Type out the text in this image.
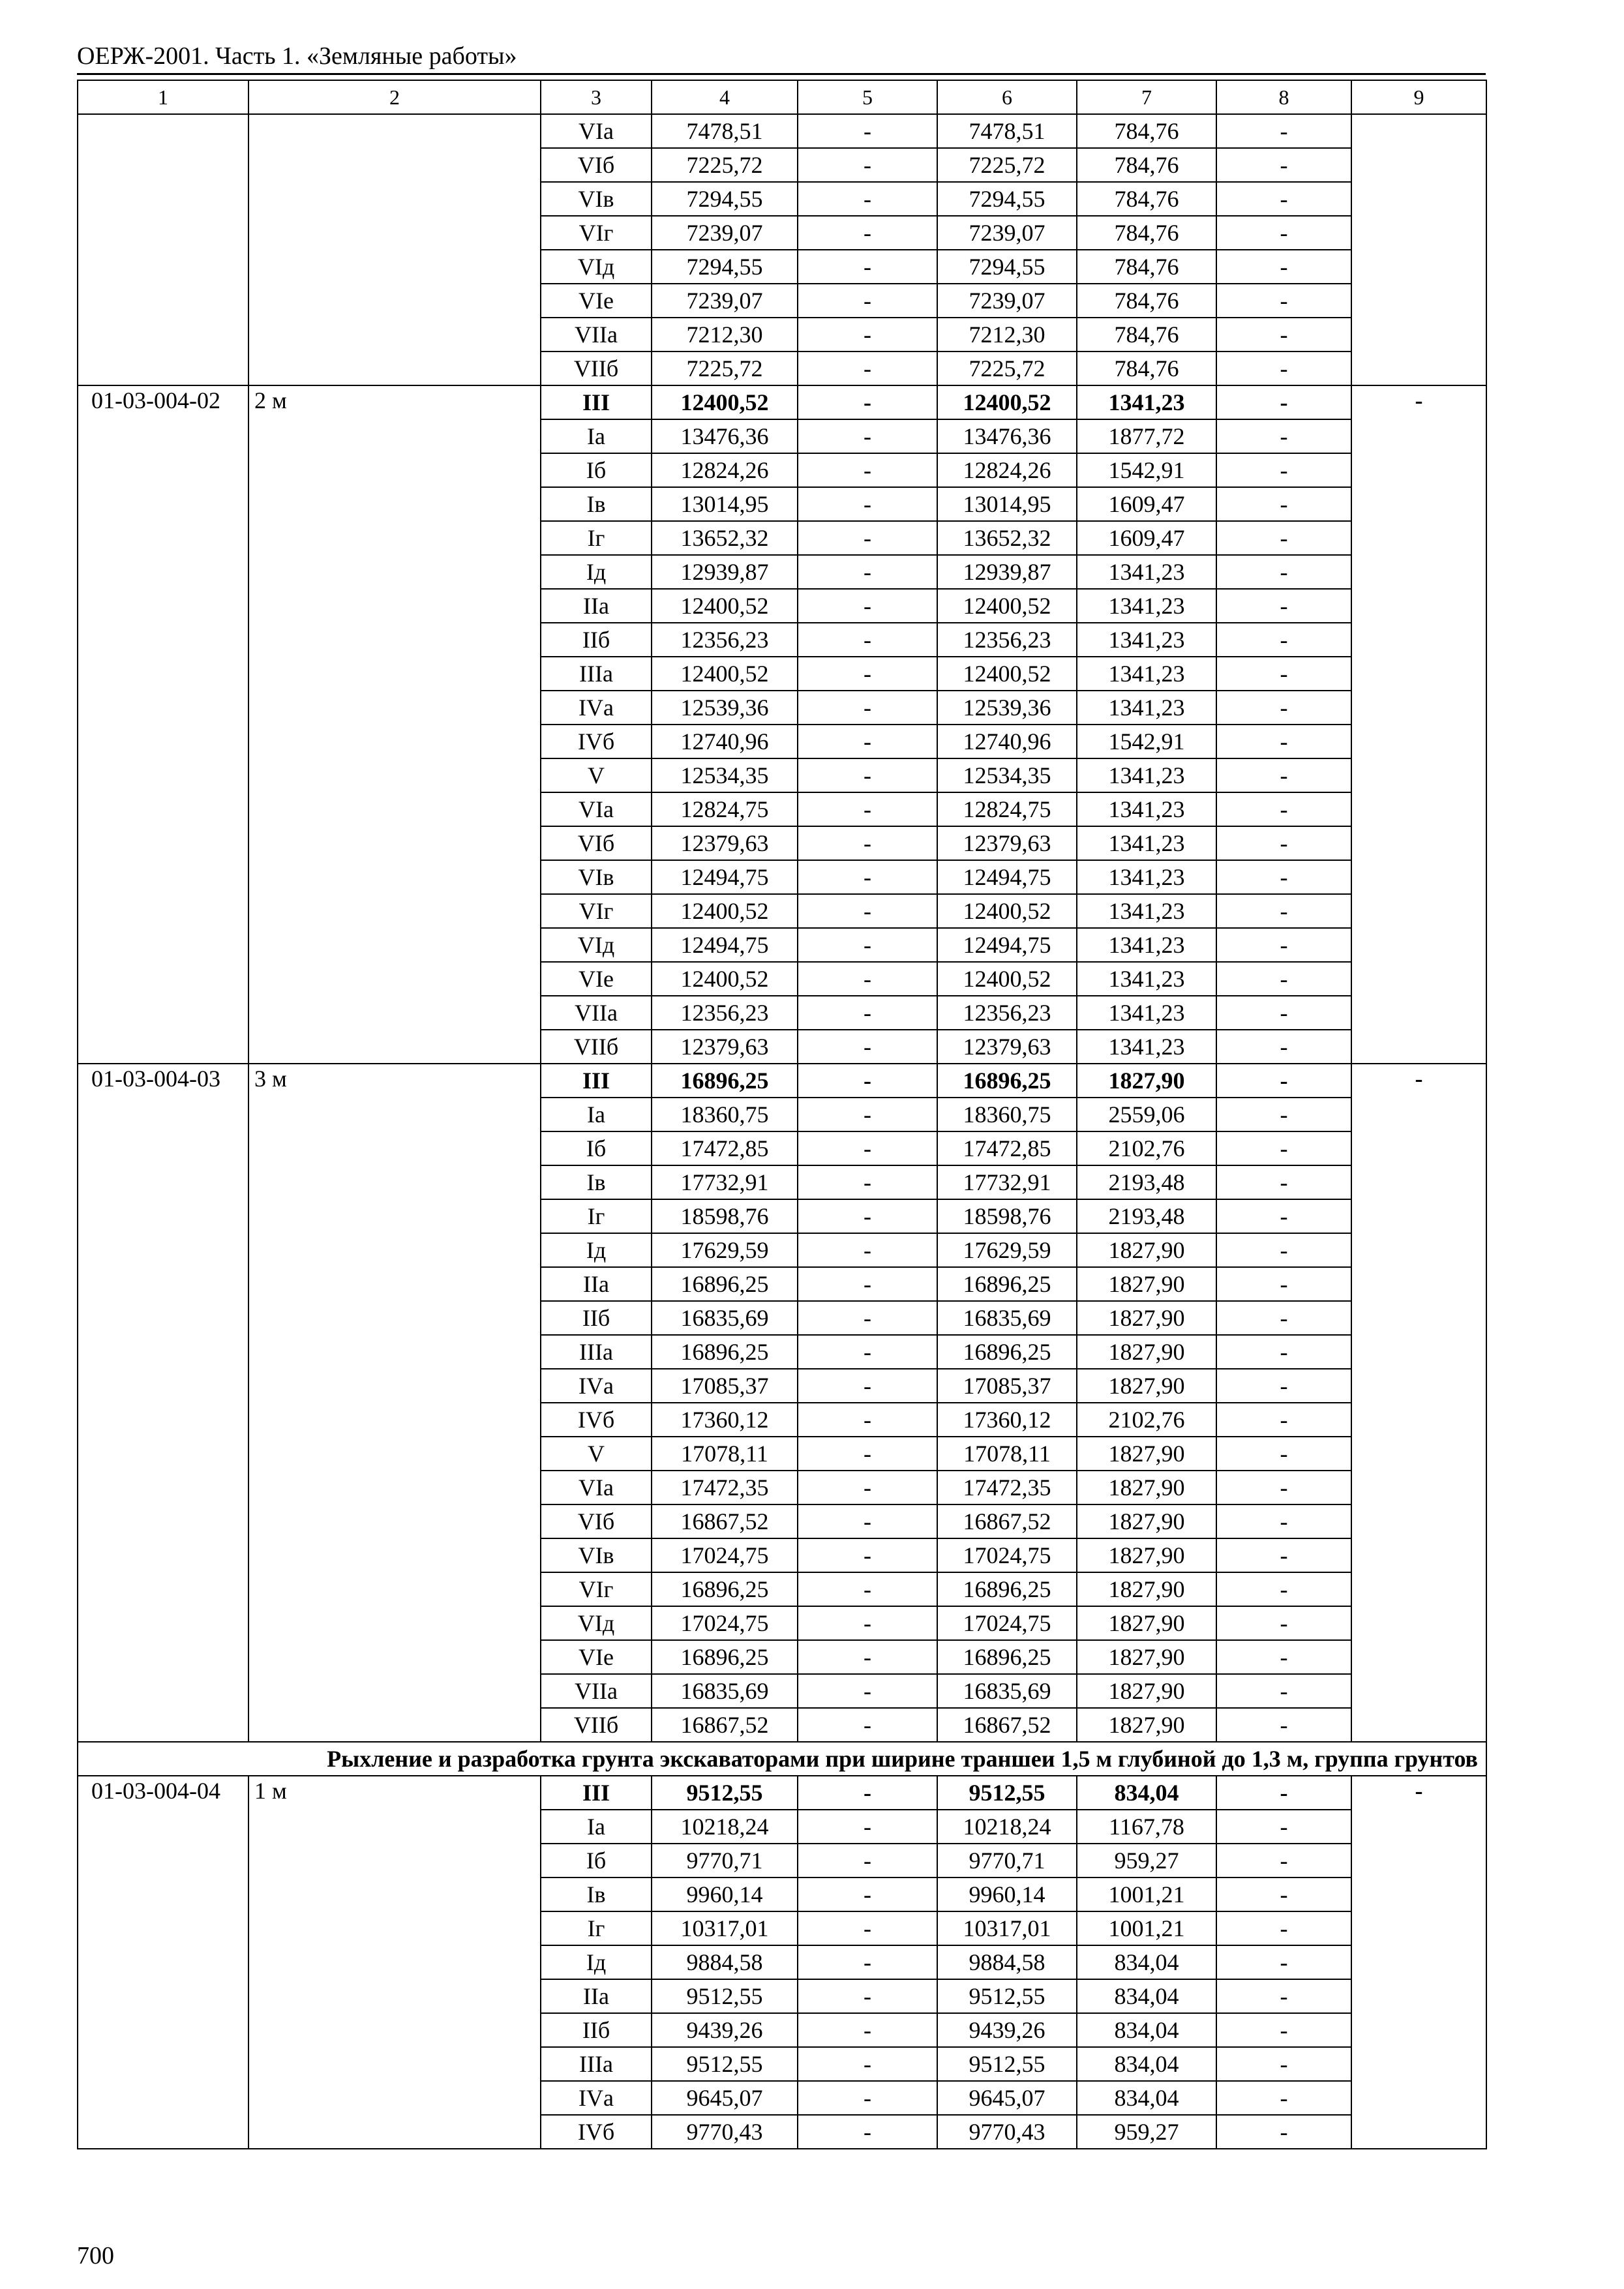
ОЕРЖ-2001. Часть 1. «Земляные работы»
1	2	3	4	5	6	7	8	9
		VIа	7478,51	-	7478,51	784,76	-	
		VIб	7225,72	-	7225,72	784,76	-	
		VIв	7294,55	-	7294,55	784,76	-	
		VIг	7239,07	-	7239,07	784,76	-	
		VIд	7294,55	-	7294,55	784,76	-	
		VIе	7239,07	-	7239,07	784,76	-	
		VIIа	7212,30	-	7212,30	784,76	-	
		VIIб	7225,72	-	7225,72	784,76	-	
01-03-004-02	2 м	III	12400,52	-	12400,52	1341,23	-	-
		Iа	13476,36	-	13476,36	1877,72	-	
		Iб	12824,26	-	12824,26	1542,91	-	
		Iв	13014,95	-	13014,95	1609,47	-	
		Iг	13652,32	-	13652,32	1609,47	-	
		Iд	12939,87	-	12939,87	1341,23	-	
		IIа	12400,52	-	12400,52	1341,23	-	
		IIб	12356,23	-	12356,23	1341,23	-	
		IIIа	12400,52	-	12400,52	1341,23	-	
		IVа	12539,36	-	12539,36	1341,23	-	
		IVб	12740,96	-	12740,96	1542,91	-	
		V	12534,35	-	12534,35	1341,23	-	
		VIа	12824,75	-	12824,75	1341,23	-	
		VIб	12379,63	-	12379,63	1341,23	-	
		VIв	12494,75	-	12494,75	1341,23	-	
		VIг	12400,52	-	12400,52	1341,23	-	
		VIд	12494,75	-	12494,75	1341,23	-	
		VIе	12400,52	-	12400,52	1341,23	-	
		VIIа	12356,23	-	12356,23	1341,23	-	
		VIIб	12379,63	-	12379,63	1341,23	-	
01-03-004-03	3 м	III	16896,25	-	16896,25	1827,90	-	-
		Iа	18360,75	-	18360,75	2559,06	-	
		Iб	17472,85	-	17472,85	2102,76	-	
		Iв	17732,91	-	17732,91	2193,48	-	
		Iг	18598,76	-	18598,76	2193,48	-	
		Iд	17629,59	-	17629,59	1827,90	-	
		IIа	16896,25	-	16896,25	1827,90	-	
		IIб	16835,69	-	16835,69	1827,90	-	
		IIIа	16896,25	-	16896,25	1827,90	-	
		IVа	17085,37	-	17085,37	1827,90	-	
		IVб	17360,12	-	17360,12	2102,76	-	
		V	17078,11	-	17078,11	1827,90	-	
		VIа	17472,35	-	17472,35	1827,90	-	
		VIб	16867,52	-	16867,52	1827,90	-	
		VIв	17024,75	-	17024,75	1827,90	-	
		VIг	16896,25	-	16896,25	1827,90	-	
		VIд	17024,75	-	17024,75	1827,90	-	
		VIе	16896,25	-	16896,25	1827,90	-	
		VIIа	16835,69	-	16835,69	1827,90	-	
		VIIб	16867,52	-	16867,52	1827,90	-	
Рыхление и разработка грунта экскаваторами при ширине траншеи 1,5 м глубиной до 1,3 м, группа грунтов								
01-03-004-04	1 м	III	9512,55	-	9512,55	834,04	-	-
		Iа	10218,24	-	10218,24	1167,78	-	
		Iб	9770,71	-	9770,71	959,27	-	
		Iв	9960,14	-	9960,14	1001,21	-	
		Iг	10317,01	-	10317,01	1001,21	-	
		Iд	9884,58	-	9884,58	834,04	-	
		IIа	9512,55	-	9512,55	834,04	-	
		IIб	9439,26	-	9439,26	834,04	-	
		IIIа	9512,55	-	9512,55	834,04	-	
		IVа	9645,07	-	9645,07	834,04	-	
		IVб	9770,43	-	9770,43	959,27	-	
700
